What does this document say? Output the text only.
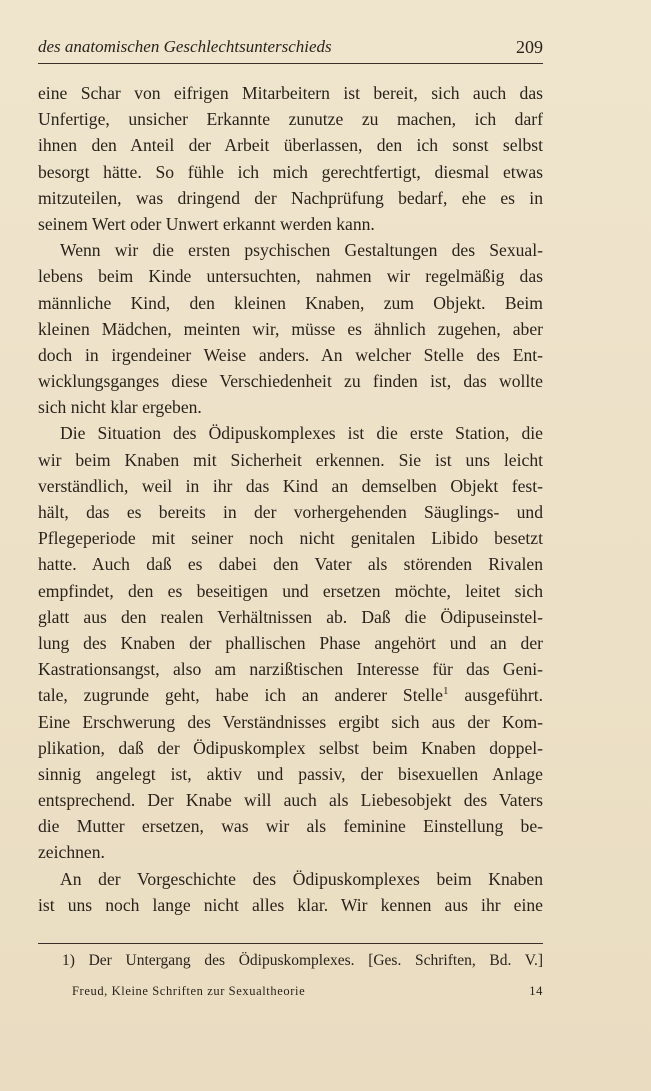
des anatomischen Geschlechtsunterschieds	209
eine Schar von eifrigen Mitarbeitern ist bereit, sich auch das
Unfertige, unsicher Erkannte zunutze zu machen, ich darf
ihnen den Anteil der Arbeit überlassen, den ich sonst selbst
besorgt hätte. So fühle ich mich gerechtfertigt, diesmal etwas
mitzuteilen, was dringend der Nachprüfung bedarf, ehe es in
seinem Wert oder Unwert erkannt werden kann.
Wenn wir die ersten psychischen Gestaltungen des Sexual-
lebens beim Kinde untersuchten, nahmen wir regelmäßig das
männliche Kind, den kleinen Knaben, zum Objekt. Beim
kleinen Mädchen, meinten wir, müsse es ähnlich zugehen, aber
doch in irgendeiner Weise anders. An welcher Stelle des Ent-
wicklungsganges diese Verschiedenheit zu finden ist, das wollte
sich nicht klar ergeben.
Die Situation des Ödipuskomplexes ist die erste Station, die
wir beim Knaben mit Sicherheit erkennen. Sie ist uns leicht
verständlich, weil in ihr das Kind an demselben Objekt fest-
hält, das es bereits in der vorhergehenden Säuglings- und
Pflegeperiode mit seiner noch nicht genitalen Libido besetzt
hatte. Auch daß es dabei den Vater als störenden Rivalen
empfindet, den es beseitigen und ersetzen möchte, leitet sich
glatt aus den realen Verhältnissen ab. Daß die Ödipuseinstel-
lung des Knaben der phallischen Phase angehört und an der
Kastrationsangst, also am narzißtischen Interesse für das Geni-
tale, zugrunde geht, habe ich an anderer Stelle$^1$ ausgeführt.
Eine Erschwerung des Verständnisses ergibt sich aus der Kom-
plikation, daß der Ödipuskomplex selbst beim Knaben doppel-
sinnig angelegt ist, aktiv und passiv, der bisexuellen Anlage
entsprechend. Der Knabe will auch als Liebesobjekt des Vaters
die Mutter ersetzen, was wir als feminine Einstellung be-
zeichnen.
An der Vorgeschichte des Ödipuskomplexes beim Knaben
ist uns noch lange nicht alles klar. Wir kennen aus ihr eine
1) Der Untergang des Ödipuskomplexes. [Ges. Schriften, Bd. V.]
Freud, Kleine Schriften zur Sexualtheorie	14
